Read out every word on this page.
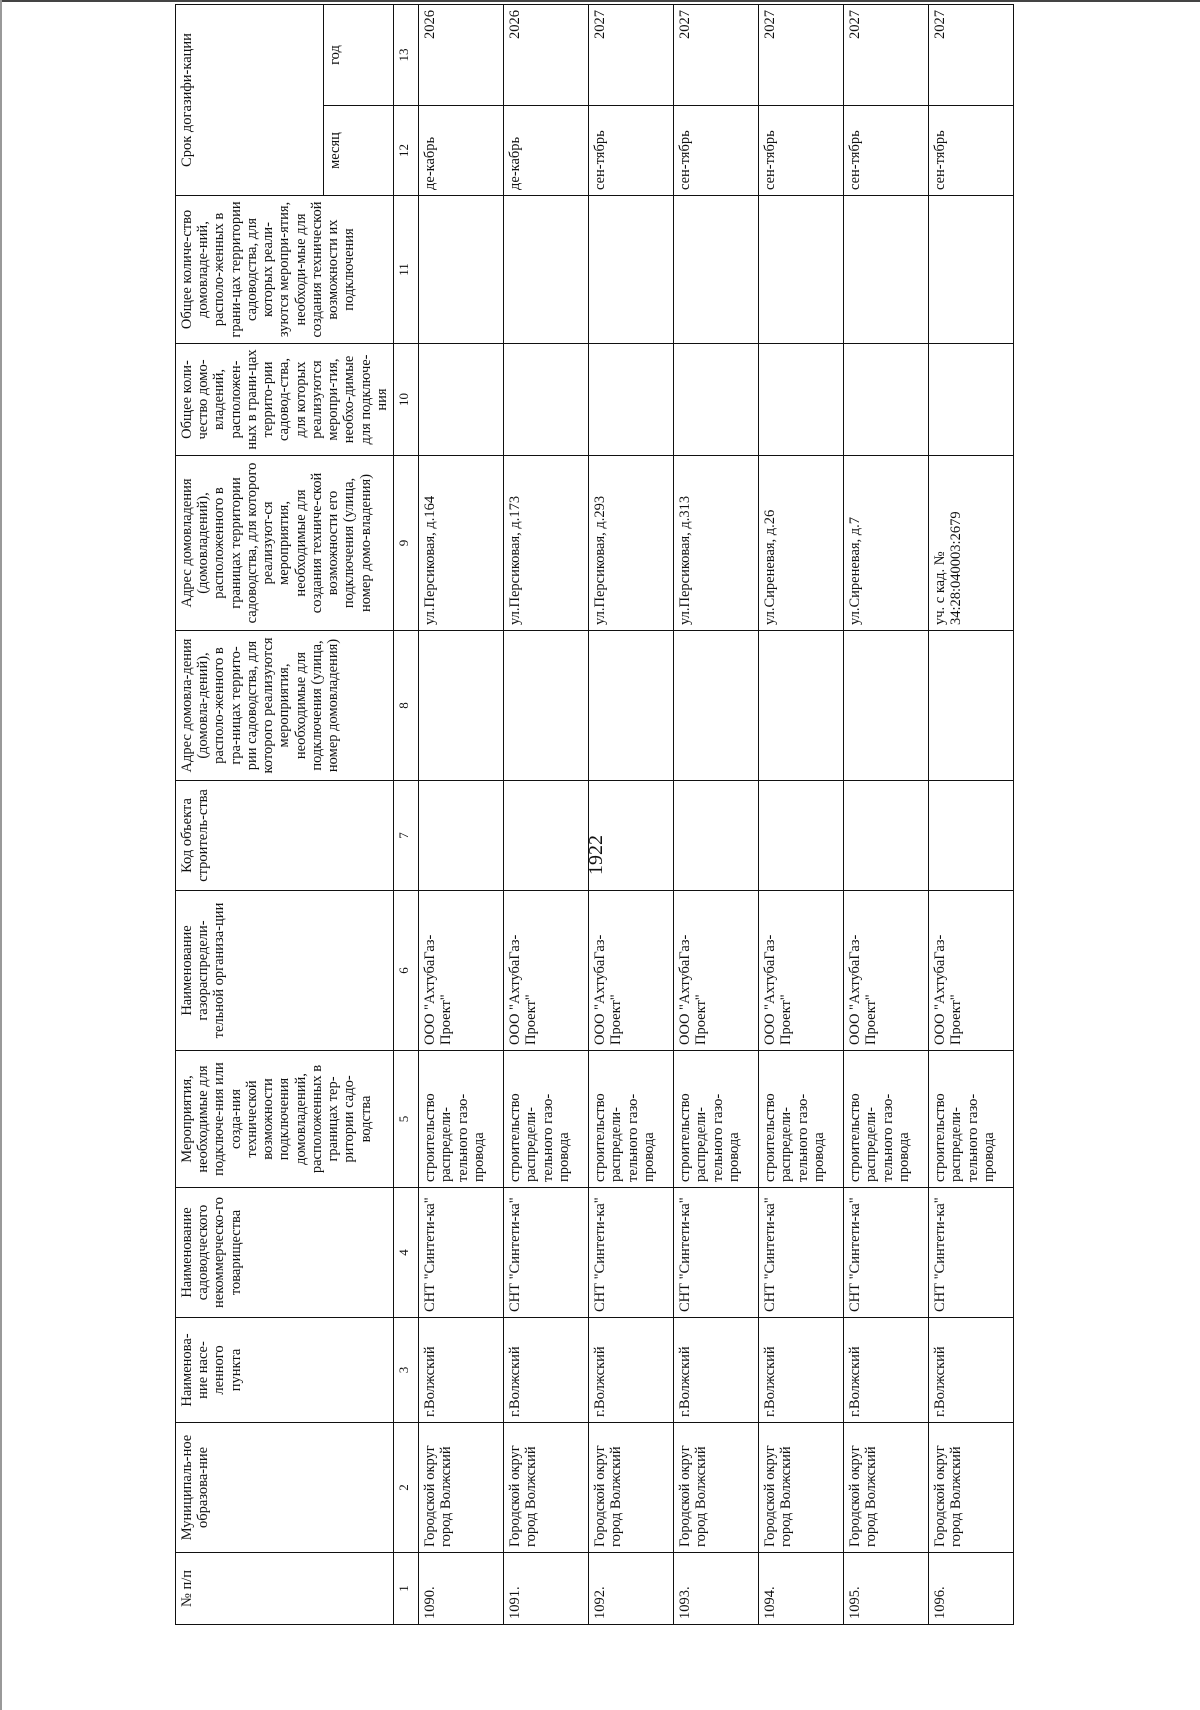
1922
№ п/п	Муниципаль-ное образова-ние	Наименова-ние насе-ленного пункта	Наименование садоводческого некоммерческо-го товарищества	Мероприятия, необходимые для подключе-ния или созда-ния технической возможности подключения домовладений, расположенных в границах тер-ритории садо-водства	Наименование газораспредели-тельной организа-ции	Код объекта строитель-ства	Адрес домовла-дения (домовла-дений), располо-женного в гра-ницах террито-рии садоводства, для которого реализуются мероприятия, необходимые для подключения (улица, номер домовладения)	Адрес домовладения (домовладений), расположенного в границах территории садоводства, для которого реализуют-ся мероприятия, необходимые для создания техниче-ской возможности его подключения (улица, номер домо-владения)	Общее коли-чество домо-владений, расположен-ных в грани-цах террито-рии садовод-ства, для которых реализуются меропри-тия, необхо-димые для подключе-ния	Общее количе-ство домовладе-ний, располо-женных в грани-цах территории садоводства, для которых реали-зуются меропри-ятия, необходи-мые для создания технической возможности их подключения	Срок догазифи-кации	
											месяц	год
1	2	3	4	5	6	7	8	9	10	11	12	13
1090.	Городской округ город Волжский	г.Волжский	СНТ "Синтети-ка"	строительство распредели-тельного газо-провода	ООО "АхтубаГаз-Проект"			ул.Персиковая, д.164			де-кабрь	2026
1091.	Городской округ город Волжский	г.Волжский	СНТ "Синтети-ка"	строительство распредели-тельного газо-провода	ООО "АхтубаГаз-Проект"			ул.Персиковая, д.173			де-кабрь	2026
1092.	Городской округ город Волжский	г.Волжский	СНТ "Синтети-ка"	строительство распредели-тельного газо-провода	ООО "АхтубаГаз-Проект"			ул.Персиковая, д.293			сен-тябрь	2027
1093.	Городской округ город Волжский	г.Волжский	СНТ "Синтети-ка"	строительство распредели-тельного газо-провода	ООО "АхтубаГаз-Проект"			ул.Персиковая, д.313			сен-тябрь	2027
1094.	Городской округ город Волжский	г.Волжский	СНТ "Синтети-ка"	строительство распредели-тельного газо-провода	ООО "АхтубаГаз-Проект"			ул.Сиреневая, д.26			сен-тябрь	2027
1095.	Городской округ город Волжский	г.Волжский	СНТ "Синтети-ка"	строительство распредели-тельного газо-провода	ООО "АхтубаГаз-Проект"			ул.Сиреневая, д.7			сен-тябрь	2027
1096.	Городской округ город Волжский	г.Волжский	СНТ "Синтети-ка"	строительство распредели-тельного газо-провода	ООО "АхтубаГаз-Проект"			уч. с кад. № 34:28:040003:2679			сен-тябрь	2027
